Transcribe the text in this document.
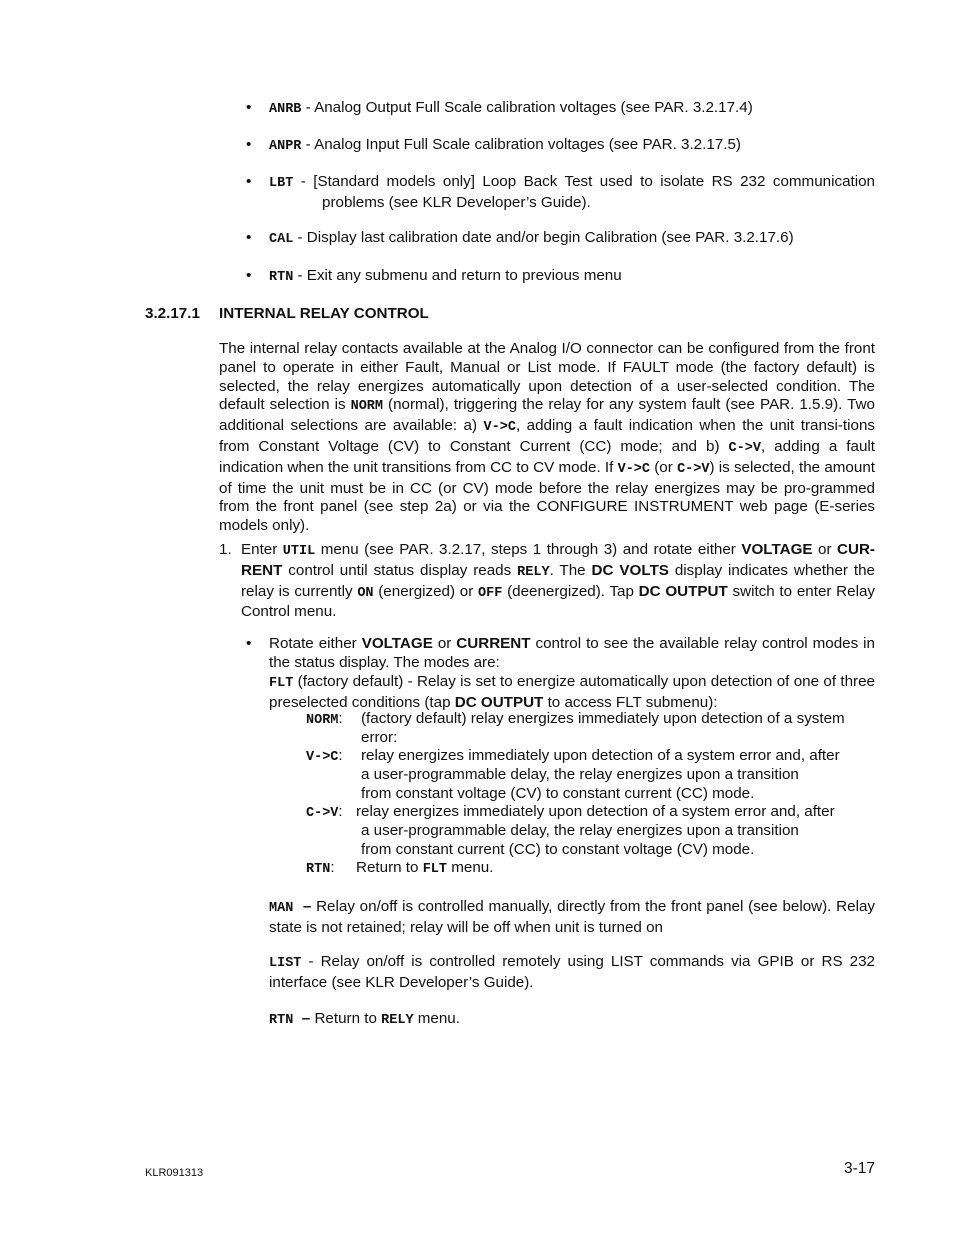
• ANRB - Analog Output Full Scale calibration voltages (see PAR. 3.2.17.4)
• ANPR - Analog Input Full Scale calibration voltages (see PAR. 3.2.17.5)
• LBT - [Standard models only] Loop Back Test used to isolate RS 232 communication problems (see KLR Developer’s Guide).
• CAL - Display last calibration date and/or begin Calibration (see PAR. 3.2.17.6)
• RTN - Exit any submenu and return to previous menu
3.2.17.1 INTERNAL RELAY CONTROL
The internal relay contacts available at the Analog I/O connector can be configured from the front panel to operate in either Fault, Manual or List mode. If FAULT mode (the factory default) is selected, the relay energizes automatically upon detection of a user-selected condition. The default selection is NORM (normal), triggering the relay for any system fault (see PAR. 1.5.9). Two additional selections are available: a) V->C, adding a fault indication when the unit transi-tions from Constant Voltage (CV) to Constant Current (CC) mode; and b) C->V, adding a fault indication when the unit transitions from CC to CV mode. If V->C (or C->V) is selected, the amount of time the unit must be in CC (or CV) mode before the relay energizes may be pro-grammed from the front panel (see step 2a) or via the CONFIGURE INSTRUMENT web page (E-series models only).
1. Enter UTIL menu (see PAR. 3.2.17, steps 1 through 3) and rotate either VOLTAGE or CUR-RENT control until status display reads RELY. The DC VOLTS display indicates whether the relay is currently ON (energized) or OFF (deenergized). Tap DC OUTPUT switch to enter Relay Control menu.
• Rotate either VOLTAGE or CURRENT control to see the available relay control modes in the status display. The modes are:
FLT (factory default) - Relay is set to energize automatically upon detection of one of three preselected conditions (tap DC OUTPUT to access FLT submenu):
NORM: (factory default) relay energizes immediately upon detection of a system
error:
V->C: relay energizes immediately upon detection of a system error and, after
a user-programmable delay, the relay energizes upon a transition
from constant voltage (CV) to constant current (CC) mode.
C->V: relay energizes immediately upon detection of a system error and, after
a user-programmable delay, the relay energizes upon a transition
from constant current (CC) to constant voltage (CV) mode.
RTN: Return to FLT menu.
MAN – Relay on/off is controlled manually, directly from the front panel (see below). Relay state is not retained; relay will be off when unit is turned on
LIST - Relay on/off is controlled remotely using LIST commands via GPIB or RS 232 interface (see KLR Developer’s Guide).
RTN – Return to RELY menu.
KLR091313	3-17
